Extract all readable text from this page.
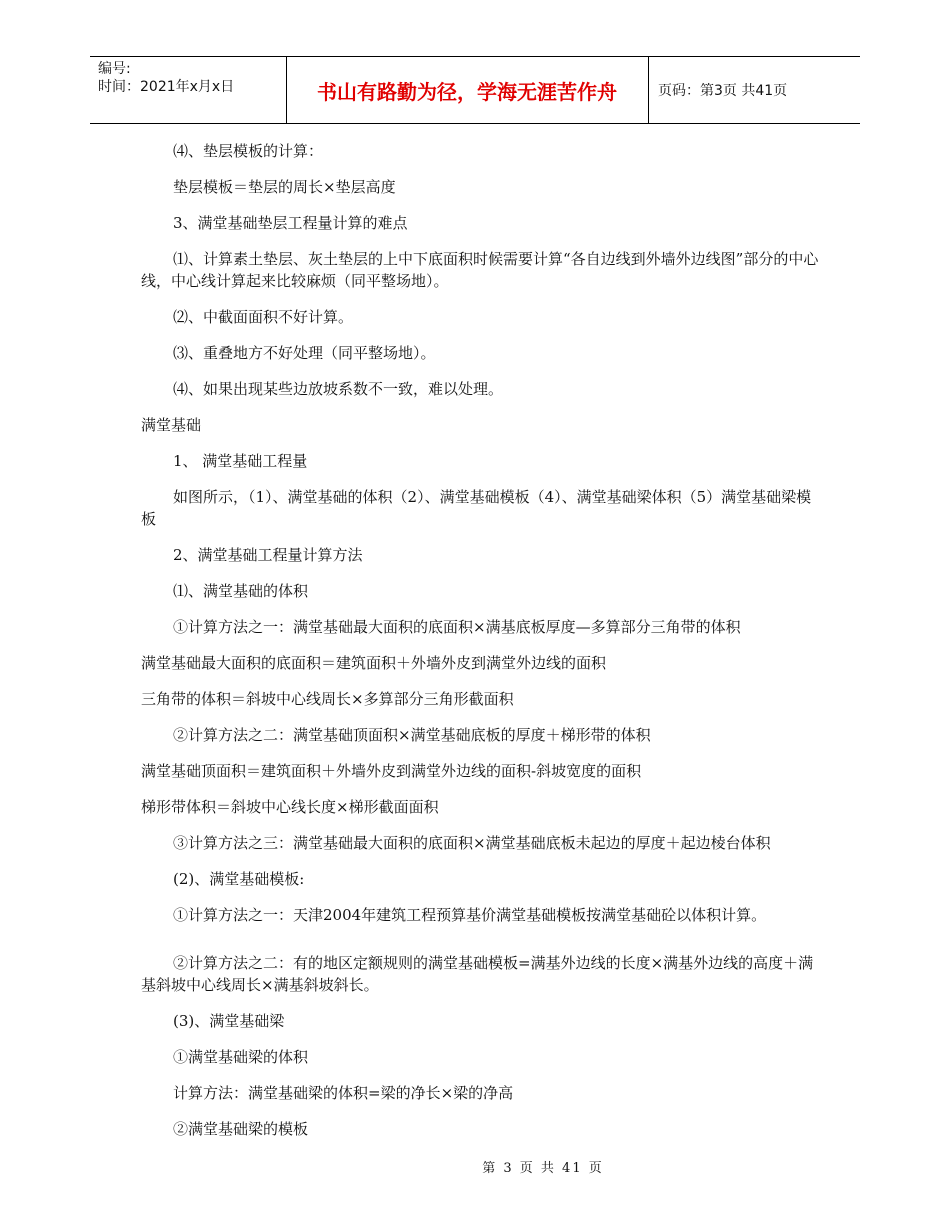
编号:
时间：2021年x月x日	书山有路勤为径，学海无涯苦作舟	页码：第3页 共41页

⑷、垫层模板的计算：

垫层模板＝垫层的周长×垫层高度

3、满堂基础垫层工程量计算的难点

⑴、计算素土垫层、灰土垫层的上中下底面积时候需要计算“各自边线到外墙外边线图”部分的中心线，中心线计算起来比较麻烦（同平整场地）。

⑵、中截面面积不好计算。

⑶、重叠地方不好处理（同平整场地）。

⑷、如果出现某些边放坡系数不一致，难以处理。

满堂基础

1、 满堂基础工程量

如图所示，（1）、满堂基础的体积（2）、满堂基础模板（4）、满堂基础梁体积（5）满堂基础梁模板

2、满堂基础工程量计算方法

⑴、满堂基础的体积

①计算方法之一：满堂基础最大面积的底面积×满基底板厚度—多算部分三角带的体积

满堂基础最大面积的底面积＝建筑面积＋外墙外皮到满堂外边线的面积

三角带的体积＝斜坡中心线周长×多算部分三角形截面积

②计算方法之二：满堂基础顶面积×满堂基础底板的厚度＋梯形带的体积

满堂基础顶面积＝建筑面积＋外墙外皮到满堂外边线的面积-斜坡宽度的面积

梯形带体积＝斜坡中心线长度×梯形截面面积

③计算方法之三：满堂基础最大面积的底面积×满堂基础底板未起边的厚度＋起边棱台体积

(2)、满堂基础模板:

①计算方法之一：天津2004年建筑工程预算基价满堂基础模板按满堂基础砼以体积计算。

②计算方法之二：有的地区定额规则的满堂基础模板=满基外边线的长度×满基外边线的高度＋满基斜坡中心线周长×满基斜坡斜长。

(3)、满堂基础梁

①满堂基础梁的体积

计算方法：满堂基础梁的体积=梁的净长×梁的净高

②满堂基础梁的模板

第 3 页 共 41 页
